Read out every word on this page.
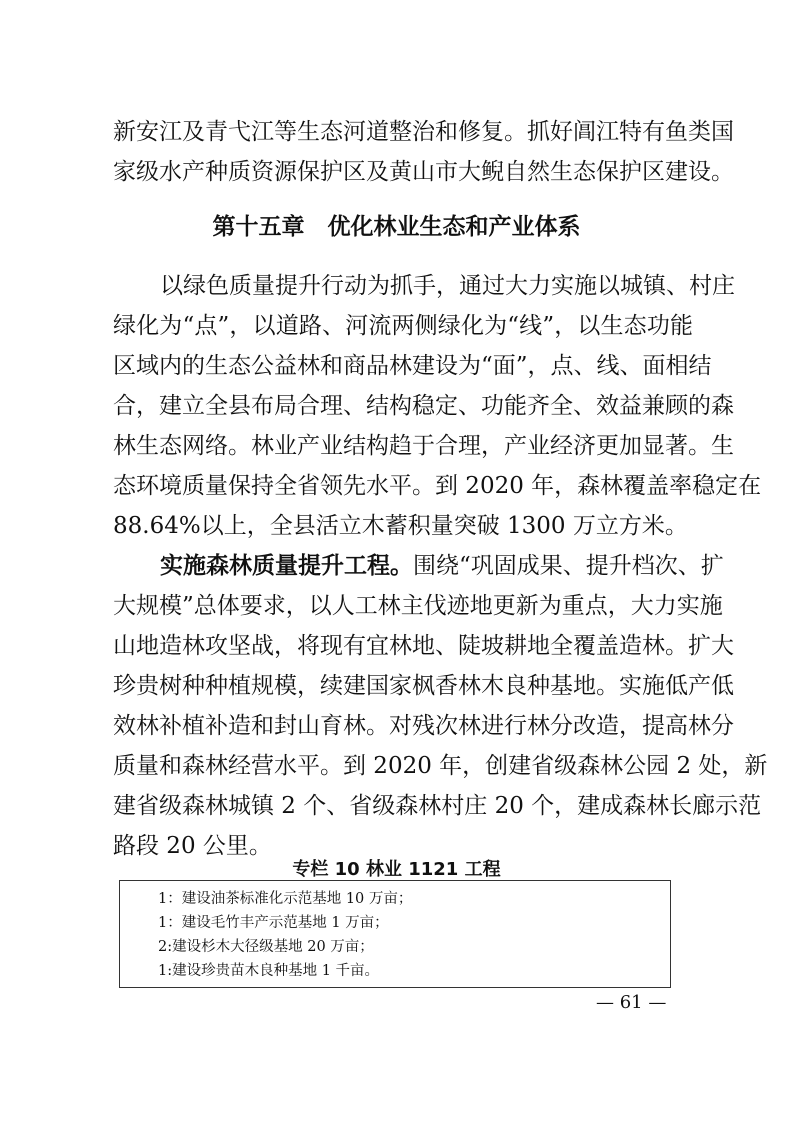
新安江及青弋江等生态河道整治和修复。抓好阊江特有鱼类国
家级水产种质资源保护区及黄山市大鲵自然生态保护区建设。
第十五章　优化林业生态和产业体系
以绿色质量提升行动为抓手，通过大力实施以城镇、村庄
绿化为“点”，以道路、河流两侧绿化为“线”，以生态功能
区域内的生态公益林和商品林建设为“面”，点、线、面相结
合，建立全县布局合理、结构稳定、功能齐全、效益兼顾的森
林生态网络。林业产业结构趋于合理，产业经济更加显著。生
态环境质量保持全省领先水平。到 2020 年，森林覆盖率稳定在
88.64%以上，全县活立木蓄积量突破 1300 万立方米。
实施森林质量提升工程。围绕“巩固成果、提升档次、扩
大规模”总体要求，以人工林主伐迹地更新为重点，大力实施
山地造林攻坚战，将现有宜林地、陡坡耕地全覆盖造林。扩大
珍贵树种种植规模，续建国家枫香林木良种基地。实施低产低
效林补植补造和封山育林。对残次林进行林分改造，提高林分
质量和森林经营水平。到 2020 年，创建省级森林公园 2 处，新
建省级森林城镇 2 个、省级森林村庄 20 个，建成森林长廊示范
路段 20 公里。
专栏 10 林业 1121 工程
1：建设油茶标准化示范基地 10 万亩；
1：建设毛竹丰产示范基地 1 万亩；
2:建设杉木大径级基地 20 万亩；
1:建设珍贵苗木良种基地 1 千亩。
— 61 —
